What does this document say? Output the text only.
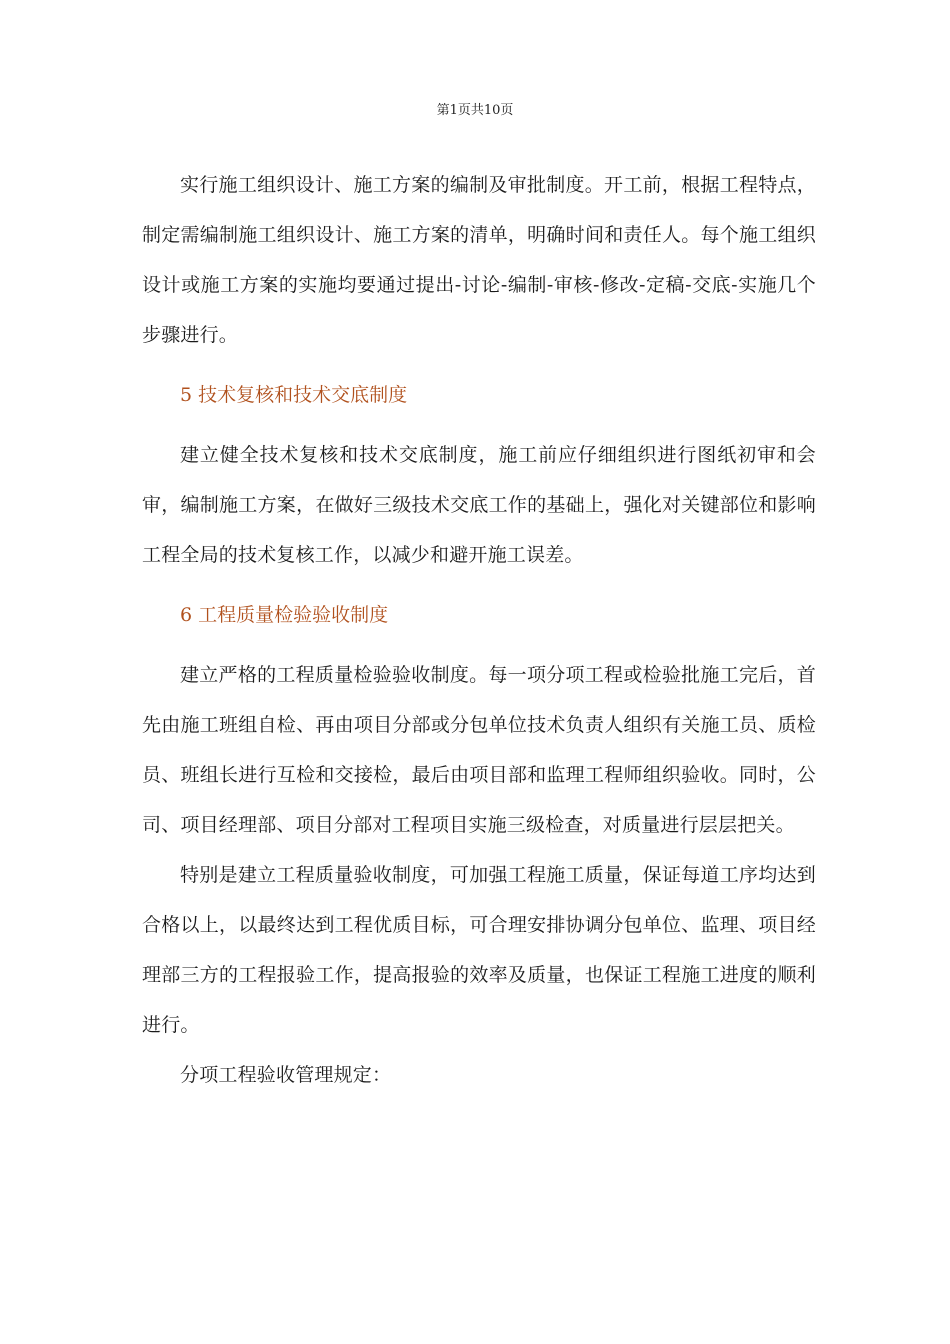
第1页共10页

实行施工组织设计、施工方案的编制及审批制度。开工前，根据工程特点，制定需编制施工组织设计、施工方案的清单，明确时间和责任人。每个施工组织设计或施工方案的实施均要通过提出-讨论-编制-审核-修改-定稿-交底-实施几个步骤进行。

5 技术复核和技术交底制度

建立健全技术复核和技术交底制度，施工前应仔细组织进行图纸初审和会审，编制施工方案，在做好三级技术交底工作的基础上，强化对关键部位和影响工程全局的技术复核工作，以减少和避开施工误差。

6 工程质量检验验收制度

建立严格的工程质量检验验收制度。每一项分项工程或检验批施工完后，首先由施工班组自检、再由项目分部或分包单位技术负责人组织有关施工员、质检员、班组长进行互检和交接检，最后由项目部和监理工程师组织验收。同时，公司、项目经理部、项目分部对工程项目实施三级检查，对质量进行层层把关。

特别是建立工程质量验收制度，可加强工程施工质量，保证每道工序均达到合格以上，以最终达到工程优质目标，可合理安排协调分包单位、监理、项目经理部三方的工程报验工作，提高报验的效率及质量，也保证工程施工进度的顺利进行。

分项工程验收管理规定：
